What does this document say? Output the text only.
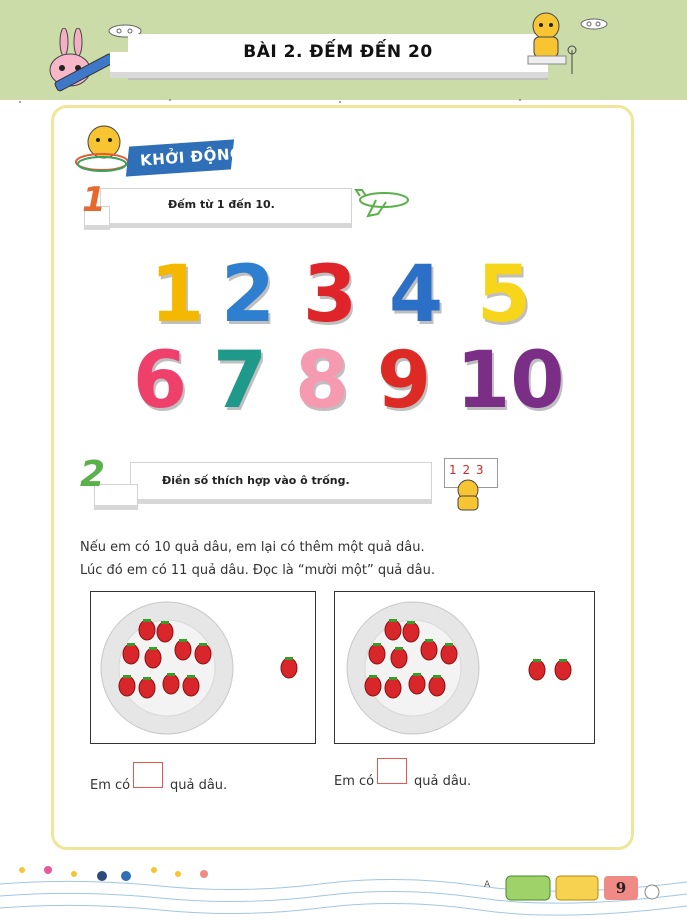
BÀI 2. ĐẾM ĐẾN 20
KHỞI ĐỘNG
1	Đếm từ 1 đến 10.
1 2 3 4 5
6 7 8 9 10
2	Điền số thích hợp vào ô trống.
1 2 3
Nếu em có 10 quả dâu, em lại có thêm một quả dâu.
Lúc đó em có 11 quả dâu. Đọc là “mười một” quả dâu.
Em có	quả dâu.	Em có	quả dâu.
A	9
